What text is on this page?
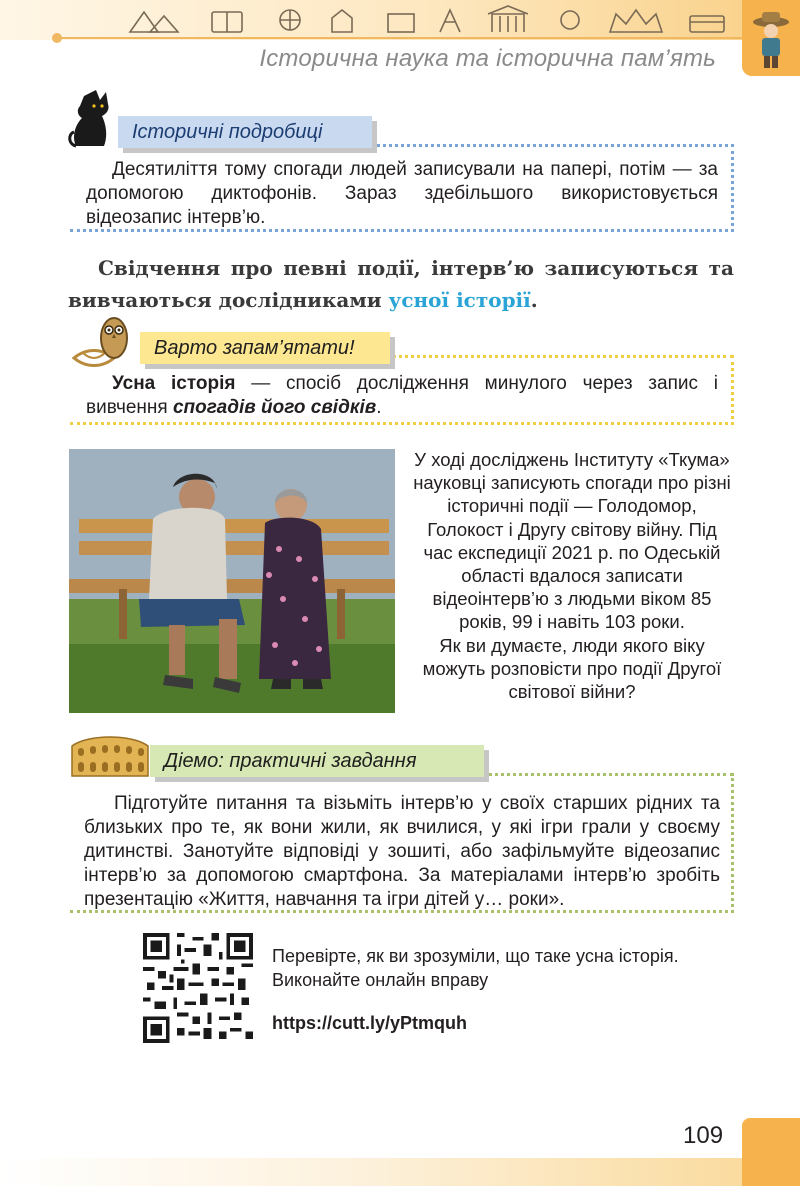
Історична наука та історична пам’ять
Історичні подробиці

Десятиліття тому спогади людей записували на папері, потім — за допомогою диктофонів. Зараз здебільшого використовується відеозапис інтерв’ю.

Свідчення про певні події, інтерв’ю записуються та вивчаються дослідниками усної історії.

Варто запам’ятати!

Усна історія — спосіб дослідження минулого через запис і вивчення спогадів його свідків.

У ході досліджень Інституту «Ткума» науковці записують спогади про різні історичні події — Голодомор, Голокост і Другу світову війну. Під час експедиції 2021 р. по Одеській області вдалося записати відеоінтерв’ю з людьми віком 85 років, 99 і навіть 103 роки.

Як ви думаєте, люди якого віку можуть розповісти про події Другої світової війни?

Діемо: практичні завдання

Підготуйте питання та візьміть інтерв’ю у своїх старших рідних та близьких про те, як вони жили, як вчилися, у які ігри грали у своєму дитинстві. Занотуйте відповіді у зошиті, або зафільмуйте відеозапис інтерв’ю за допомогою смартфона. За матеріалами інтерв’ю зробіть презентацію «Життя, навчання та ігри дітей у… роки».

Перевірте, як ви зрозуміли, що таке усна історія. Виконайте онлайн вправу

https://cutt.ly/yPtmquh
109
